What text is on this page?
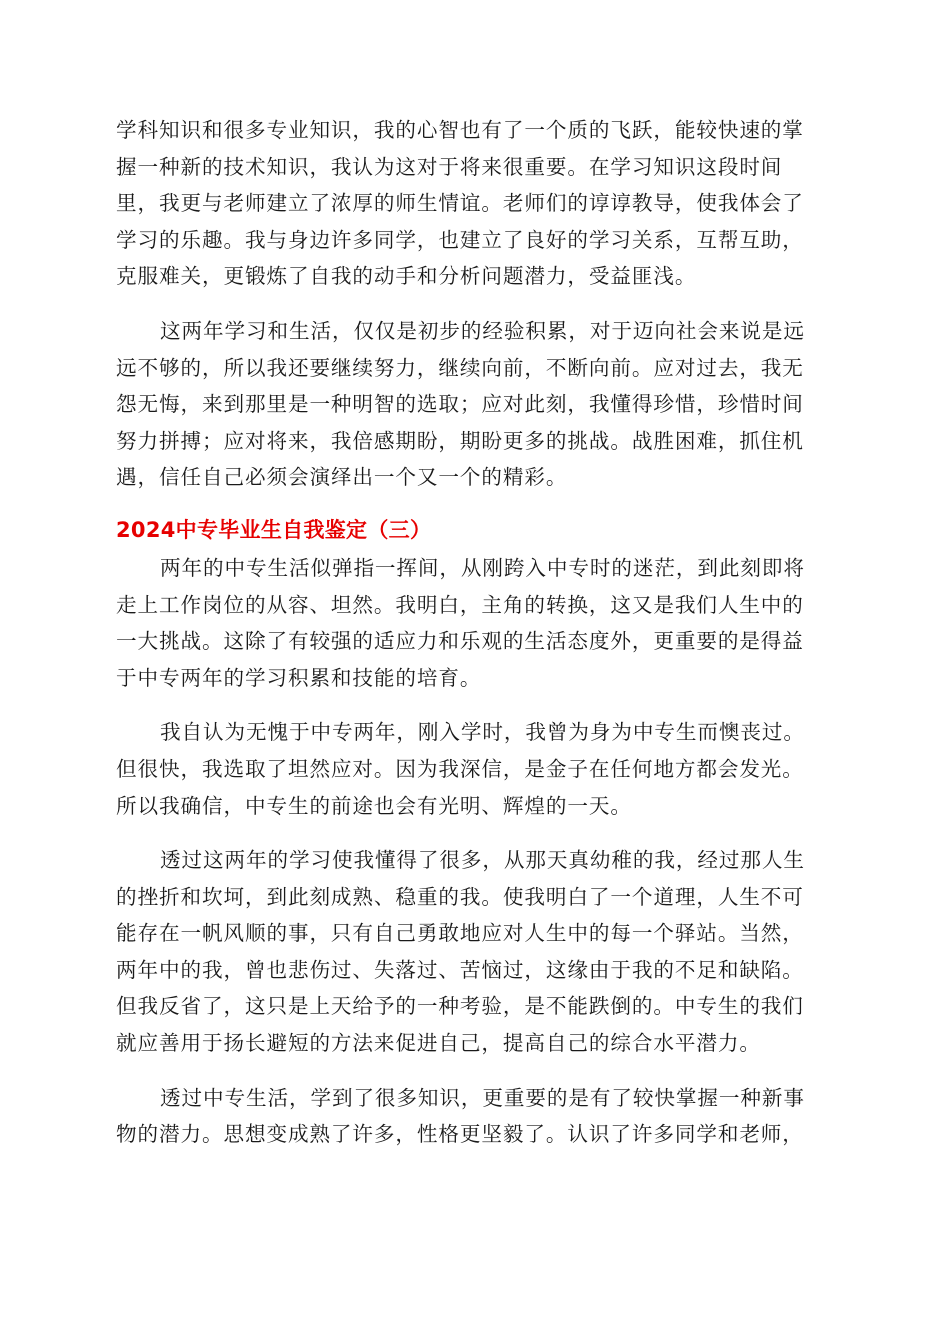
学科知识和很多专业知识，我的心智也有了一个质的飞跃，能较快速的掌
握一种新的技术知识，我认为这对于将来很重要。在学习知识这段时间
里，我更与老师建立了浓厚的师生情谊。老师们的谆谆教导，使我体会了
学习的乐趣。我与身边许多同学，也建立了良好的学习关系，互帮互助，
克服难关，更锻炼了自我的动手和分析问题潜力，受益匪浅。

这两年学习和生活，仅仅是初步的经验积累，对于迈向社会来说是远
远不够的，所以我还要继续努力，继续向前，不断向前。应对过去，我无
怨无悔，来到那里是一种明智的选取；应对此刻，我懂得珍惜，珍惜时间
努力拼搏；应对将来，我倍感期盼，期盼更多的挑战。战胜困难，抓住机
遇，信任自己必须会演绎出一个又一个的精彩。

2024中专毕业生自我鉴定（三）

两年的中专生活似弹指一挥间，从刚跨入中专时的迷茫，到此刻即将
走上工作岗位的从容、坦然。我明白，主角的转换，这又是我们人生中的
一大挑战。这除了有较强的适应力和乐观的生活态度外，更重要的是得益
于中专两年的学习积累和技能的培育。

我自认为无愧于中专两年，刚入学时，我曾为身为中专生而懊丧过。
但很快，我选取了坦然应对。因为我深信，是金子在任何地方都会发光。
所以我确信，中专生的前途也会有光明、辉煌的一天。

透过这两年的学习使我懂得了很多，从那天真幼稚的我，经过那人生
的挫折和坎坷，到此刻成熟、稳重的我。使我明白了一个道理，人生不可
能存在一帆风顺的事，只有自己勇敢地应对人生中的每一个驿站。当然，
两年中的我，曾也悲伤过、失落过、苦恼过，这缘由于我的不足和缺陷。
但我反省了，这只是上天给予的一种考验，是不能跌倒的。中专生的我们
就应善用于扬长避短的方法来促进自己，提高自己的综合水平潜力。

透过中专生活，学到了很多知识，更重要的是有了较快掌握一种新事
物的潜力。思想变成熟了许多，性格更坚毅了。认识了许多同学和老师，
